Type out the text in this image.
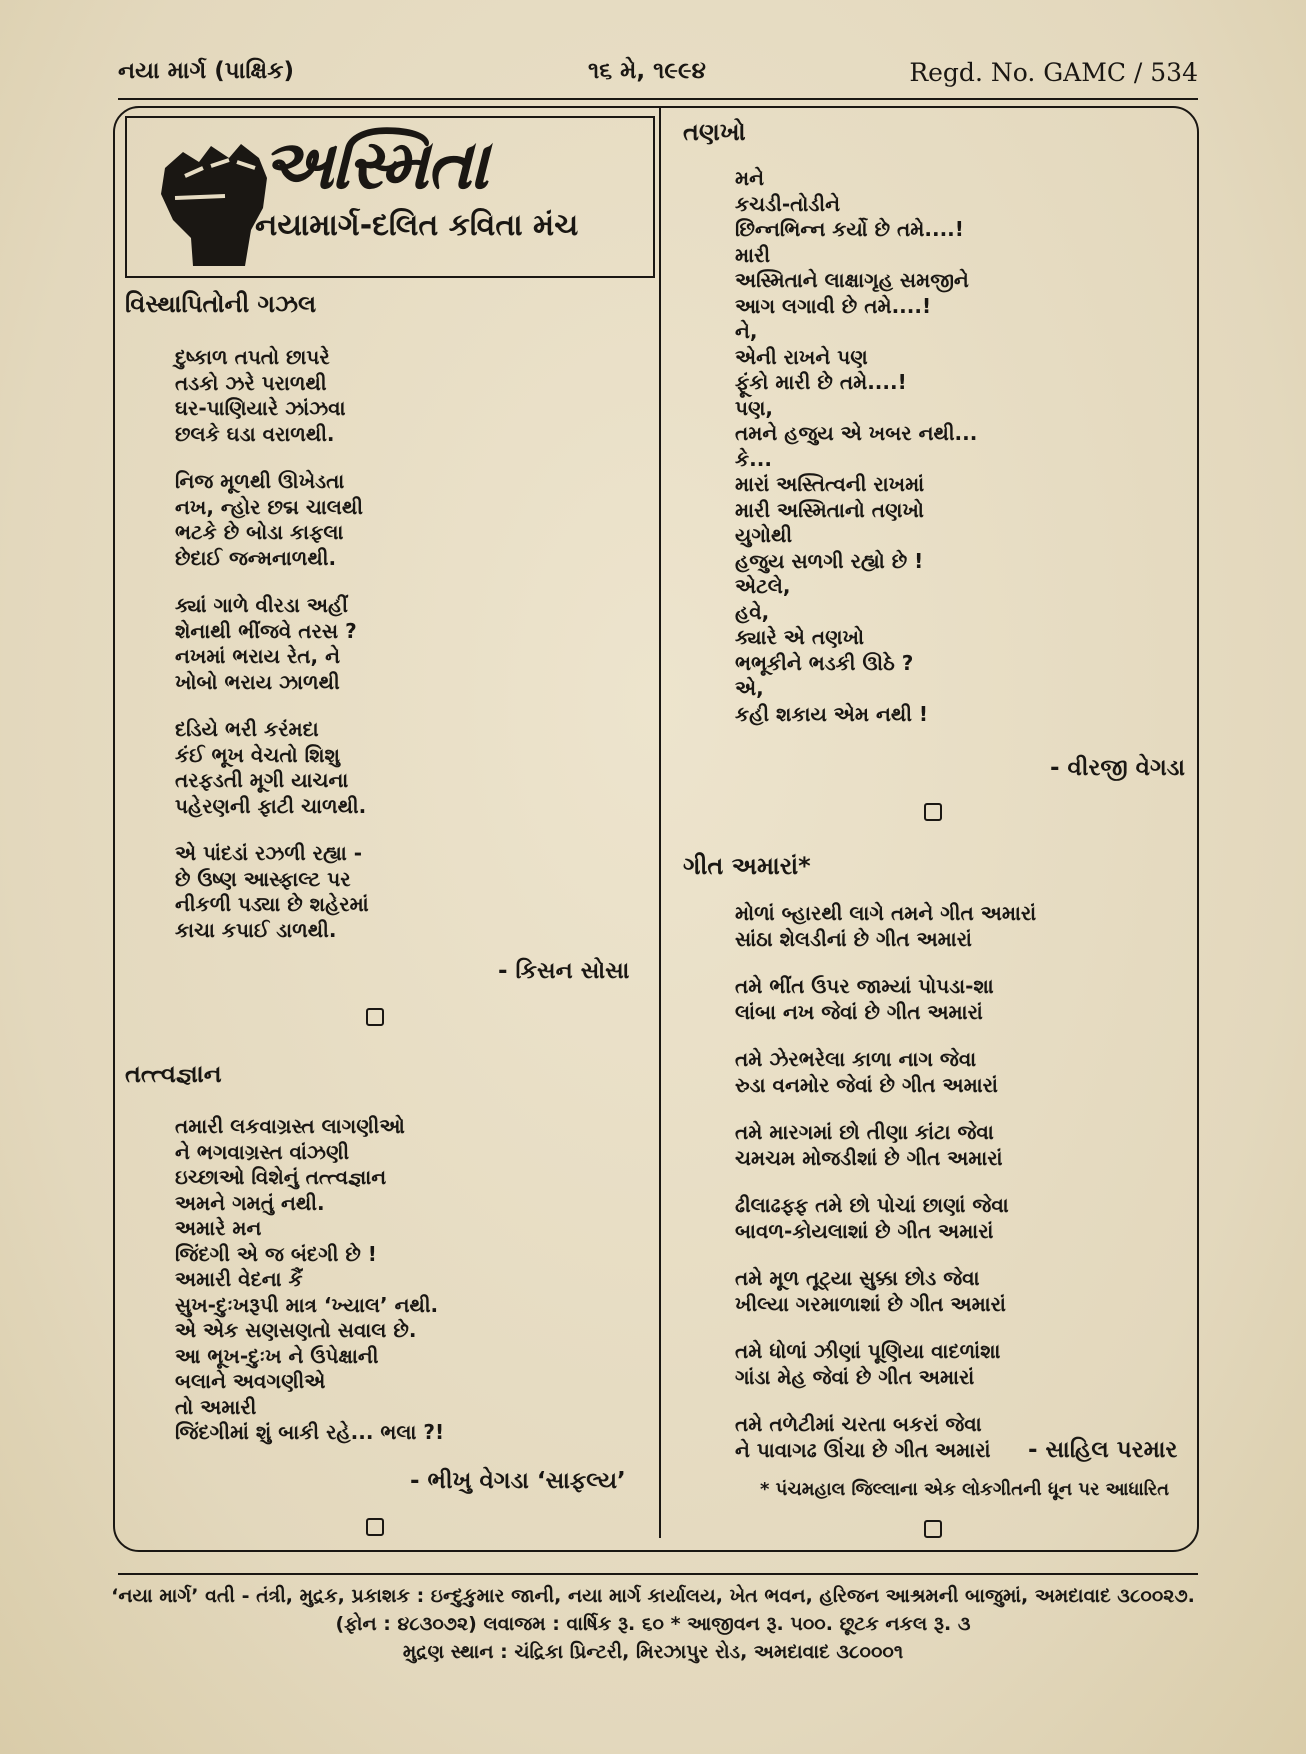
નયા માર્ગ (પાક્ષિક)	૧૬ મે, ૧૯૯૪	Regd. No. GAMC / 534
અસ્મિતા
નયામાર્ગ-દલિત કવિતા મંચ
વિસ્થાપિતોની ગઝલ
દુષ્કાળ તપતો છાપરે
તડકો ઝરે પરાળથી
ઘર-પાણિયારે ઝાંઝવા
છલકે ઘડા વરાળથી.
નિજ મૂળથી ઊખેડતા
નખ, ન્હોર છદ્મ ચાલથી
ભટકે છે બોડા કાફલા
છેદાઈ જન્મનાળથી.
ક્યાં ગાળે વીરડા અહીં
શેનાથી ભીંજવે તરસ ?
નખમાં ભરાય રેત, ને
ખોબો ભરાય ઝાળથી
દડિયે ભરી કરંમદા
કંઈ ભૂખ વેચતો શિશુ
તરફડતી મૂગી યાચના
પહેરણની ફાટી ચાળથી.
એ પાંદડાં રઝળી રહ્યા -
છે ઉષ્ણ આસ્ફાલ્ટ પર
નીકળી પડ્યા છે શહેરમાં
કાચા કપાઈ ડાળથી.
- કિસન સોસા
તત્ત્વજ્ઞાન
તમારી લકવાગ્રસ્ત લાગણીઓ
ને ભગવાગ્રસ્ત વાંઝણી
ઇચ્છાઓ વિશેનું તત્ત્વજ્ઞાન
અમને ગમતું નથી.
અમારે મન
જિંદગી એ જ બંદગી છે !
અમારી વેદના કૈં
સુખ-દુઃખરૂપી માત્ર ‘ખ્યાલ’ નથી.
એ એક સણસણતો સવાલ છે.
આ ભૂખ-દુઃખ ને ઉપેક્ષાની
બલાને અવગણીએ
તો અમારી
જિંદગીમાં શું બાકી રહે... ભલા ?!
- ભીખુ વેગડા ‘સાફલ્ય’
તણખો
મને
કચડી-તોડીને
છિન્નભિન્ન કર્યો છે તમે....!
મારી
અસ્મિતાને લાક્ષાગૃહ સમજીને
આગ લગાવી છે તમે....!
ને,
એની રાખને પણ
ફૂંકો મારી છે તમે....!
પણ,
તમને હજુય એ ખબર નથી...
કે...
મારાં અસ્તિત્વની રાખમાં
મારી અસ્મિતાનો તણખો
યુગોથી
હજુય સળગી રહ્યો છે !
એટલે,
હવે,
ક્યારે એ તણખો
ભભૂકીને ભડકી ઊઠે ?
એ,
કહી શકાય એમ નથી !
- વીરજી વેગડા
ગીત અમારાં*
મોળાં બ્હારથી લાગે તમને ગીત અમારાં
સાંઠા શેલડીનાં છે ગીત અમારાં
તમે ભીંત ઉપર જામ્યાં પોપડા-શા
લાંબા નખ જેવાં છે ગીત અમારાં
તમે ઝેરભરેલા કાળા નાગ જેવા
રુડા વનમોર જેવાં છે ગીત અમારાં
તમે મારગમાં છો તીણા કાંટા જેવા
ચમચમ મોજડીશાં છે ગીત અમારાં
ઢીલાઢફ્ફ તમે છો પોચાં છાણાં જેવા
બાવળ-કોયલાશાં છે ગીત અમારાં
તમે મૂળ તૂટ્યા સુક્કા છોડ જેવા
ખીલ્યા ગરમાળાશાં છે ગીત અમારાં
તમે ધોળાં ઝીણાં પૂણિયા વાદળાંશા
ગાંડા મેહ જેવાં છે ગીત અમારાં
તમે તળેટીમાં ચરતા બકરાં જેવા
ને પાવાગઢ ઊંચા છે ગીત અમારાં	- સાહિલ પરમાર
* પંચમહાલ જિલ્લાના એક લોકગીતની ધૂન પર આધારિત
‘નયા માર્ગ’ વતી - તંત્રી, મુદ્રક, પ્રકાશક : ઇન્દુકુમાર જાની, નયા માર્ગ કાર્યાલય, ખેત ભવન, હરિજન આશ્રમની બાજુમાં, અમદાવાદ ૩૮૦૦૨૭.
(ફોન : ૪૮૩૦૭૨) લવાજમ : વાર્ષિક રૂ. ૬૦ * આજીવન રૂ. ૫૦૦. છૂટક નકલ રૂ. ૩
મુદ્રણ સ્થાન : ચંદ્રિકા પ્રિન્ટરી, મિરઝાપુર રોડ, અમદાવાદ ૩૮૦૦૦૧
